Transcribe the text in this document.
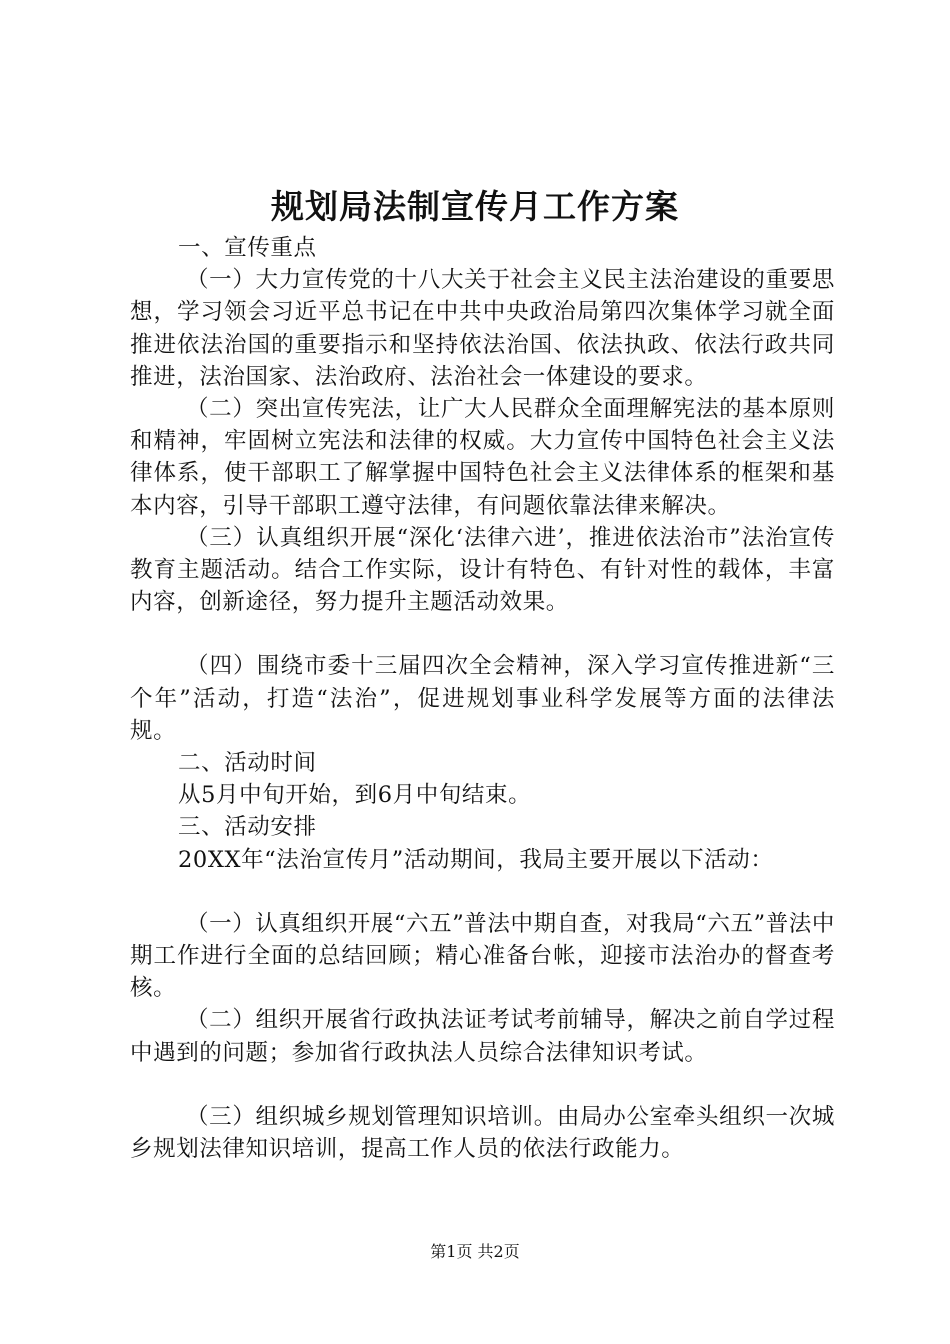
规划局法制宣传月工作方案

一、宣传重点

（一）大力宣传党的十八大关于社会主义民主法治建设的重要思想，学习领会习近平总书记在中共中央政治局第四次集体学习就全面推进依法治国的重要指示和坚持依法治国、依法执政、依法行政共同推进，法治国家、法治政府、法治社会一体建设的要求。

（二）突出宣传宪法，让广大人民群众全面理解宪法的基本原则和精神，牢固树立宪法和法律的权威。大力宣传中国特色社会主义法律体系，使干部职工了解掌握中国特色社会主义法律体系的框架和基本内容，引导干部职工遵守法律，有问题依靠法律来解决。

（三）认真组织开展“深化‘法律六进’，推进依法治市”法治宣传教育主题活动。结合工作实际，设计有特色、有针对性的载体，丰富内容，创新途径，努力提升主题活动效果。

（四）围绕市委十三届四次全会精神，深入学习宣传推进新“三个年”活动，打造“法治”，促进规划事业科学发展等方面的法律法规。

二、活动时间

从5月中旬开始，到6月中旬结束。

三、活动安排

20XX年“法治宣传月”活动期间，我局主要开展以下活动：

（一）认真组织开展“六五”普法中期自查，对我局“六五”普法中期工作进行全面的总结回顾；精心准备台帐，迎接市法治办的督查考核。

（二）组织开展省行政执法证考试考前辅导，解决之前自学过程中遇到的问题；参加省行政执法人员综合法律知识考试。

（三）组织城乡规划管理知识培训。由局办公室牵头组织一次城乡规划法律知识培训，提高工作人员的依法行政能力。

第1页 共2页
